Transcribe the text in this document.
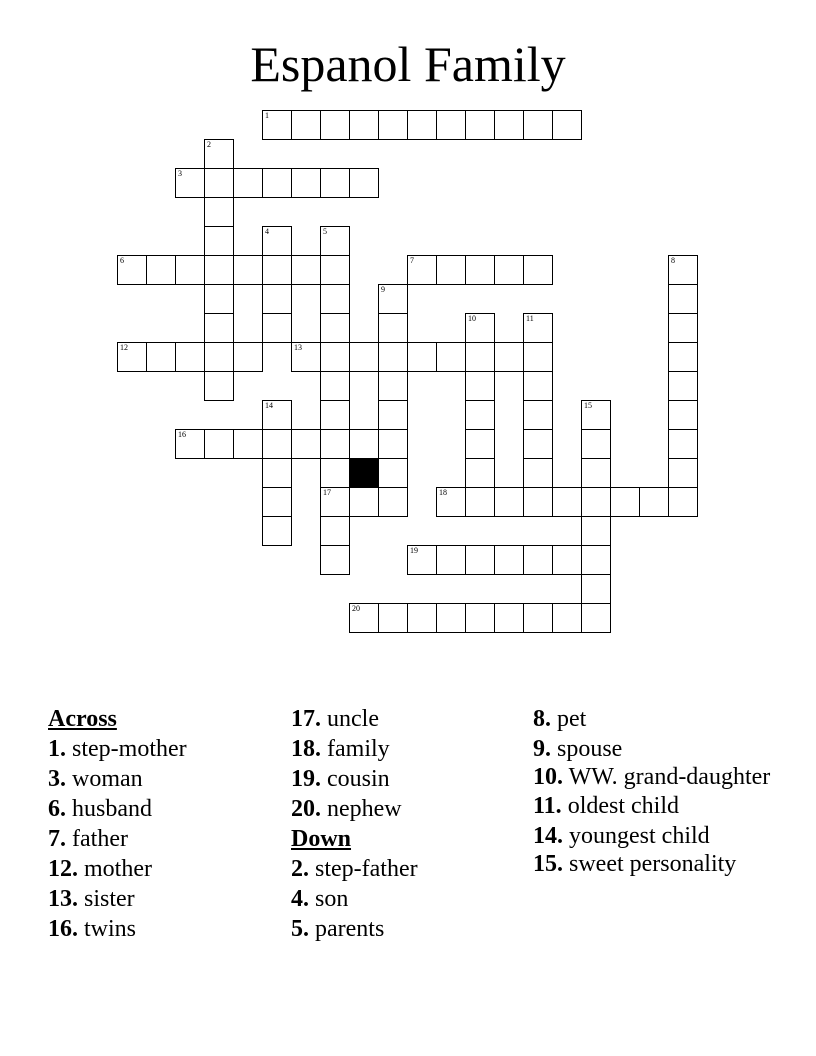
Espanol Family
1
2
3
4	5
17
6	7	8
9
10	11
12	13
14	15
16
18
19
20
Across
1. step-mother
3. woman
6. husband
7. father
12. mother
13. sister
16. twins
17. uncle
18. family
19. cousin
20. nephew
Down
2. step-father
4. son
5. parents
8. pet
9. spouse
10. WW. grand-daughter
11. oldest child
14. youngest child
15. sweet personality
